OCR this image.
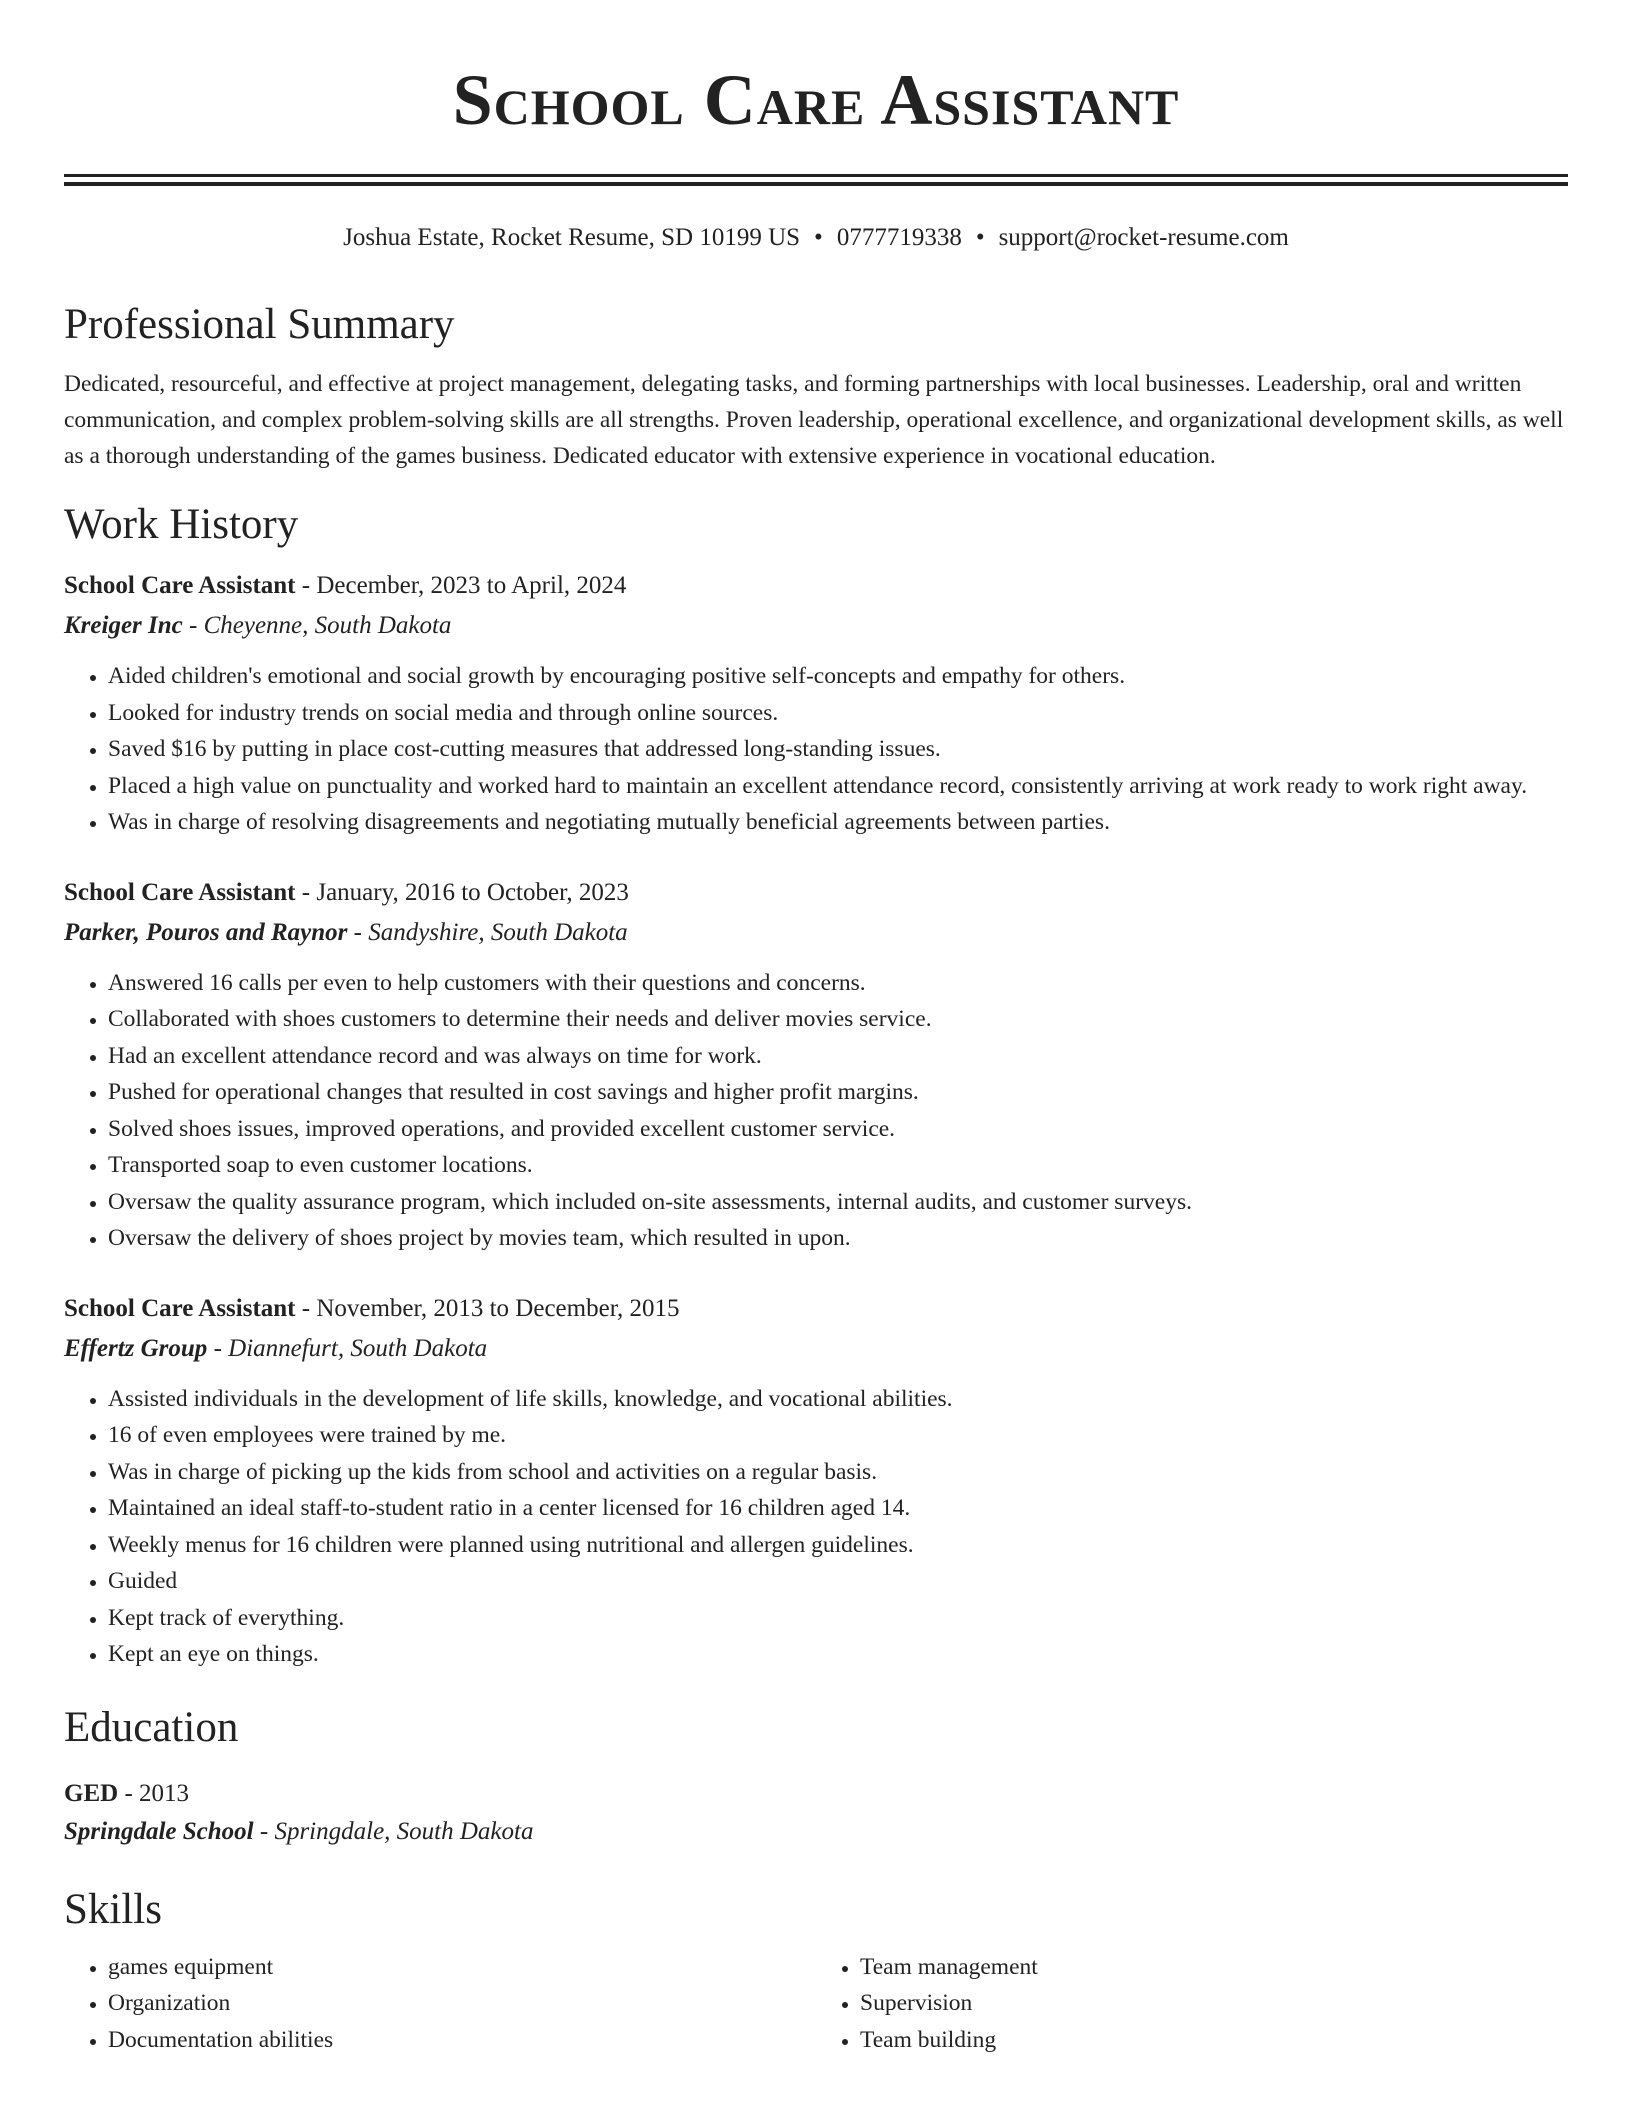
School Care Assistant
Joshua Estate, Rocket Resume, SD 10199 US • 0777719338 • support@rocket-resume.com
Professional Summary

Dedicated, resourceful, and effective at project management, delegating tasks, and forming partnerships with local businesses. Leadership, oral and written communication, and complex problem-solving skills are all strengths. Proven leadership, operational excellence, and organizational development skills, as well as a thorough understanding of the games business. Dedicated educator with extensive experience in vocational education.

Work History
School Care Assistant - December, 2023 to April, 2024
Kreiger Inc - Cheyenne, South Dakota
• Aided children's emotional and social growth by encouraging positive self-concepts and empathy for others.
• Looked for industry trends on social media and through online sources.
• Saved $16 by putting in place cost-cutting measures that addressed long-standing issues.
• Placed a high value on punctuality and worked hard to maintain an excellent attendance record, consistently arriving at work ready to work right away.
• Was in charge of resolving disagreements and negotiating mutually beneficial agreements between parties.
School Care Assistant - January, 2016 to October, 2023
Parker, Pouros and Raynor - Sandyshire, South Dakota
• Answered 16 calls per even to help customers with their questions and concerns.
• Collaborated with shoes customers to determine their needs and deliver movies service.
• Had an excellent attendance record and was always on time for work.
• Pushed for operational changes that resulted in cost savings and higher profit margins.
• Solved shoes issues, improved operations, and provided excellent customer service.
• Transported soap to even customer locations.
• Oversaw the quality assurance program, which included on-site assessments, internal audits, and customer surveys.
• Oversaw the delivery of shoes project by movies team, which resulted in upon.
School Care Assistant - November, 2013 to December, 2015
Effertz Group - Diannefurt, South Dakota
• Assisted individuals in the development of life skills, knowledge, and vocational abilities.
• 16 of even employees were trained by me.
• Was in charge of picking up the kids from school and activities on a regular basis.
• Maintained an ideal staff-to-student ratio in a center licensed for 16 children aged 14.
• Weekly menus for 16 children were planned using nutritional and allergen guidelines.
• Guided
• Kept track of everything.
• Kept an eye on things.
Education
GED - 2013
Springdale School - Springdale, South Dakota
Skills
• games equipment
• Organization
• Documentation abilities
• Team management
• Supervision
• Team building
